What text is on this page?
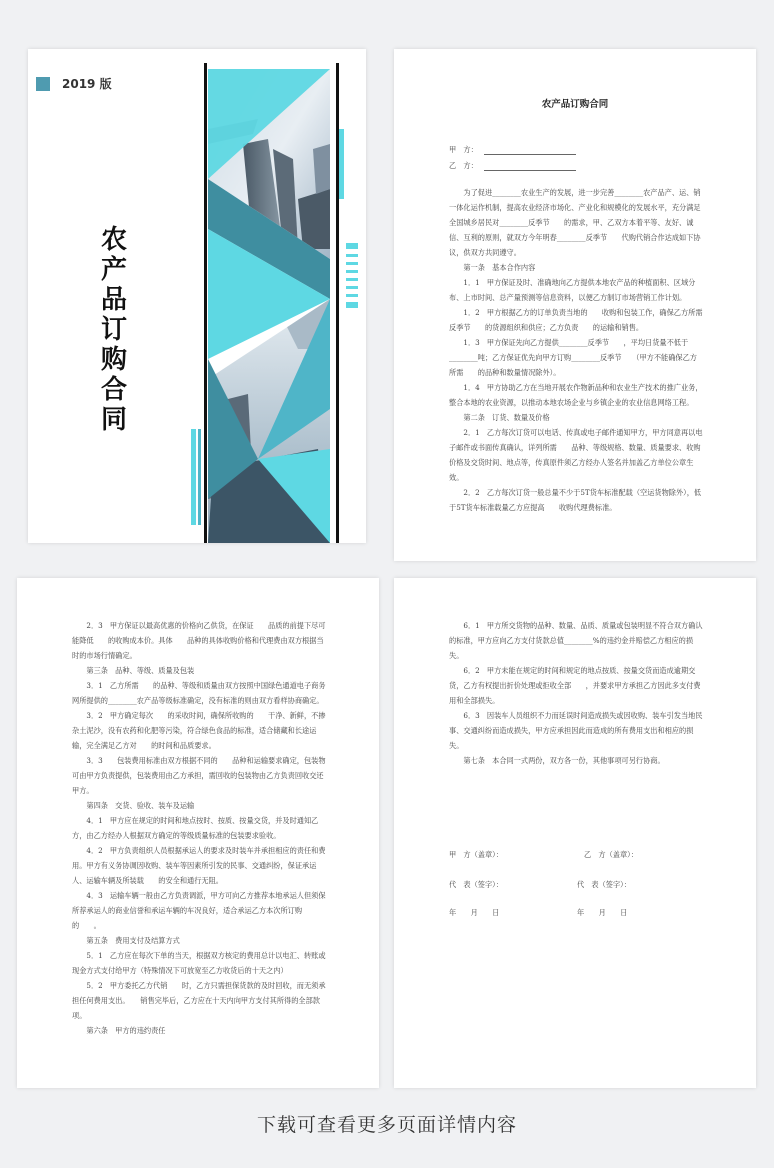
2019 版
农产品订购合同
农产品订购合同
甲　方：
乙　方：

为了促进________农业生产的发展，进一步完善________农产品产、运、销一体化运作机制，提高农业经济市场化、产业化和规模化的发展水平，充分满足全国城乡居民对________反季节　　的需求，甲、乙双方本着平等、友好、诚信、互利的原则，就双方今年明春________反季节　　代购代销合作达成如下协议，供双方共同遵守。

第一条　基本合作内容

1．1　甲方保证及时、准确地向乙方提供本地农产品的种植面积、区域分布、上市时间、总产量预测等信息资料，以便乙方制订市场营销工作计划。

1．2　甲方根据乙方的订单负责当地的　　收购和包装工作，确保乙方所需反季节　　的货源组织和供应；乙方负责　　的运输和销售。

1．3　甲方保证先向乙方提供________反季节　　，平均日货量不低于________吨；乙方保证优先向甲方订购________反季节　　（甲方不能确保乙方所需　　的品种和数量情况除外）。

1．4　甲方协助乙方在当地开展农作物新品种和农业生产技术的推广业务，整合本地的农业资源，以推动本地农场企业与乡镇企业的农业信息网络工程。

第二条　订货、数量及价格

2．1　乙方每次订货可以电话、传真或电子邮件通知甲方，甲方同意再以电子邮件或书面传真确认，详列所需　　品种、等级规格、数量、质量要求、收购价格及交货时间、地点等，传真原件须乙方经办人签名并加盖乙方单位公章生效。

2．2　乙方每次订货一般总量不少于5T货车标准配载（空运货物除外），低于5T货车标准载量乙方应提高　　收购代理费标准。

2．3　甲方保证以最高优惠的价格向乙供货，在保证　　品质的前提下尽可能降低　　的收购成本价。具体　　品种的具体收购价格和代理费由双方根据当时的市场行情确定。

第三条　品种、等级、质量及包装

3．1　乙方所需　　的品种、等级和质量由双方按照中国绿色通道电子商务网所提供的________农产品等级标准确定，没有标准的则由双方看样协商确定。

3．2　甲方确定每次　　的采收时间，确保所收购的　　干净、新鲜，不掺杂土泥沙，没有农药和化肥等污染，符合绿色食品的标准，适合储藏和长途运输，完全满足乙方对　　的时间和品质要求。

3．3　　包装费用标准由双方根据不同的　　品种和运输要求确定，包装物可由甲方负责提供，包装费用由乙方承担，需回收的包装物由乙方负责回收交还甲方。

第四条　交货、验收、装车及运输

4．1　甲方应在规定的时间和地点按时、按质、按量交货，并及时通知乙方，由乙方经办人根据双方确定的等级质量标准的包装要求验收。

4．2　甲方负责组织人员根据承运人的要求及时装车并承担相应的责任和费用。甲方有义务协调因收购、装车等因素所引发的民事、交通纠纷，保证承运人、运输车辆及所装载　　的安全和通行无阻。

4．3　运输车辆一般由乙方负责调派，甲方可向乙方推荐本地承运人但须保所荐承运人的商业信誉和承运车辆的车况良好，适合承运乙方本次所订购的　　。

第五条　费用支付及结算方式

5．1　乙方应在每次下单的当天，根据双方核定的费用总计以电汇、转账或现金方式支付给甲方（特殊情况下可放宽至乙方收货后的十天之内）

5．2　甲方委托乙方代销　　时，乙方只需担保货款的及时回收，而无须承担任何费用支出。　　销售完毕后，乙方应在十天内向甲方支付其所得的全部款项。

第六条　甲方的违约责任

6．1　甲方所交货物的品种、数量、品质、质量或包装明显不符合双方确认的标准，甲方应向乙方支付货款总值________%的违约金并赔偿乙方相应的损失。

6．2　甲方未能在规定的时间和规定的地点按质、按量交货而造成逾期交货，乙方有权提出折价处理或拒收全部　　，并要求甲方承担乙方因此多支付费用和全部损失。

6．3　因装车人员组织不力而延误时间造成损失或因收购、装车引发当地民事、交通纠纷而造成损失，甲方应承担因此而造成的所有费用支出和相应的损失。

第七条　本合同一式两份，双方各一份，其他事项可另行协商。

甲　方（盖章）：	乙　方（盖章）：
代　表（签字）：	代　表（签字）：
年　　月　　日	年　　月　　日
下载可查看更多页面详情内容
